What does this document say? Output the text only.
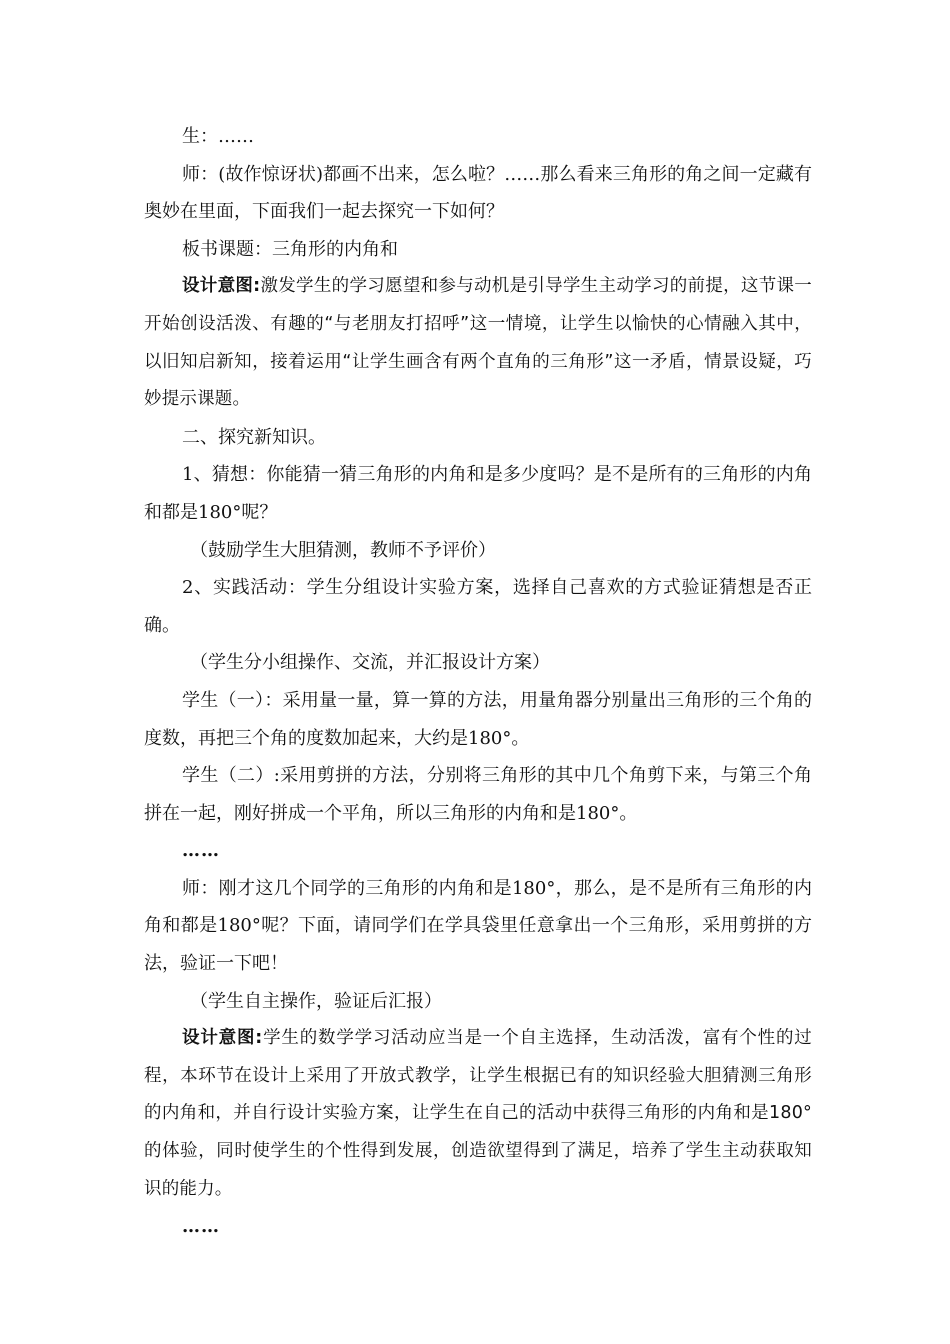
生：……

师：(故作惊讶状)都画不出来，怎么啦？……那么看来三角形的角之间一定藏有奥妙在里面，下面我们一起去探究一下如何？

板书课题：三角形的内角和

设计意图:激发学生的学习愿望和参与动机是引导学生主动学习的前提，这节课一开始创设活泼、有趣的“与老朋友打招呼”这一情境，让学生以愉快的心情融入其中，以旧知启新知，接着运用“让学生画含有两个直角的三角形”这一矛盾，情景设疑，巧妙提示课题。

二、探究新知识。

1、猜想：你能猜一猜三角形的内角和是多少度吗？是不是所有的三角形的内角和都是180°呢？

（鼓励学生大胆猜测，教师不予评价）

2、实践活动：学生分组设计实验方案，选择自己喜欢的方式验证猜想是否正确。

（学生分小组操作、交流，并汇报设计方案）

学生（一）：采用量一量，算一算的方法，用量角器分别量出三角形的三个角的度数，再把三个角的度数加起来，大约是180°。

学生（二）:采用剪拼的方法，分别将三角形的其中几个角剪下来，与第三个角拼在一起，刚好拼成一个平角，所以三角形的内角和是180°。

……

师：刚才这几个同学的三角形的内角和是180°，那么，是不是所有三角形的内角和都是180°呢？下面，请同学们在学具袋里任意拿出一个三角形，采用剪拼的方法，验证一下吧！

（学生自主操作，验证后汇报）

设计意图:学生的数学学习活动应当是一个自主选择，生动活泼，富有个性的过程，本环节在设计上采用了开放式教学，让学生根据已有的知识经验大胆猜测三角形的内角和，并自行设计实验方案，让学生在自己的活动中获得三角形的内角和是180°的体验，同时使学生的个性得到发展，创造欲望得到了满足，培养了学生主动获取知识的能力。

……
